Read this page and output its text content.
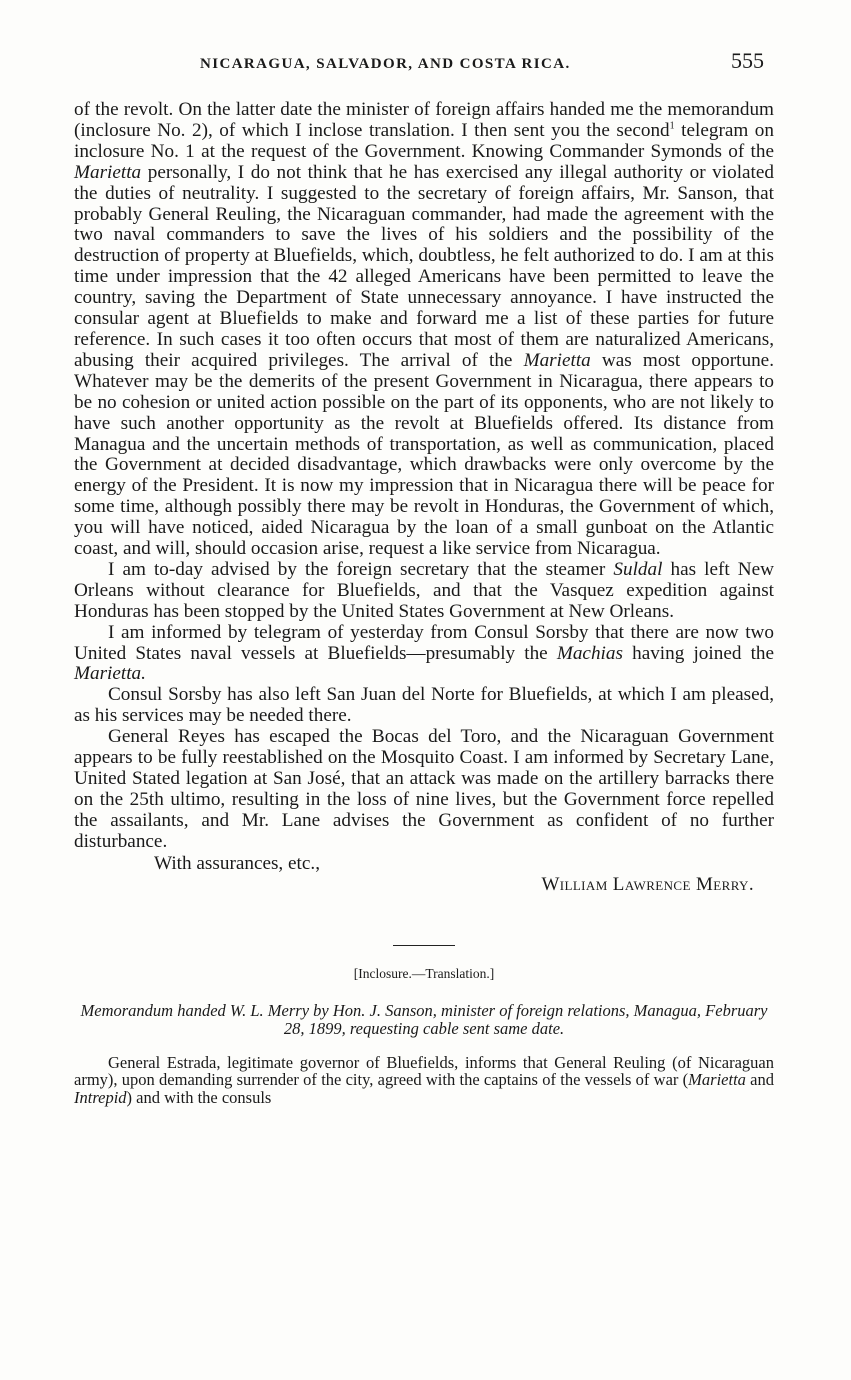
NICARAGUA, SALVADOR, AND COSTA RICA.	555

of the revolt. On the latter date the minister of foreign affairs handed me the memorandum (inclosure No. 2), of which I inclose translation. I then sent you the second$^1$ telegram on inclosure No. 1 at the request of the Government. Knowing Commander Symonds of the Marietta personally, I do not think that he has exercised any illegal authority or violated the duties of neutrality. I suggested to the secretary of foreign affairs, Mr. Sanson, that probably General Reuling, the Nicaraguan commander, had made the agreement with the two naval commanders to save the lives of his soldiers and the possibility of the destruction of property at Bluefields, which, doubtless, he felt authorized to do. I am at this time under impression that the 42 alleged Americans have been permitted to leave the country, saving the Department of State unnecessary annoyance. I have instructed the consular agent at Bluefields to make and forward me a list of these parties for future reference. In such cases it too often occurs that most of them are naturalized Americans, abusing their acquired privileges. The arrival of the Marietta was most opportune. Whatever may be the demerits of the present Government in Nicaragua, there appears to be no cohesion or united action possible on the part of its opponents, who are not likely to have such another opportunity as the revolt at Bluefields offered. Its distance from Managua and the uncertain methods of transportation, as well as communication, placed the Government at decided disadvantage, which drawbacks were only overcome by the energy of the President. It is now my impression that in Nicaragua there will be peace for some time, although possibly there may be revolt in Honduras, the Government of which, you will have noticed, aided Nicaragua by the loan of a small gunboat on the Atlantic coast, and will, should occasion arise, request a like service from Nicaragua.

I am to-day advised by the foreign secretary that the steamer Suldal has left New Orleans without clearance for Bluefields, and that the Vasquez expedition against Honduras has been stopped by the United States Government at New Orleans.

I am informed by telegram of yesterday from Consul Sorsby that there are now two United States naval vessels at Bluefields—presumably the Machias having joined the Marietta.

Consul Sorsby has also left San Juan del Norte for Bluefields, at which I am pleased, as his services may be needed there.

General Reyes has escaped the Bocas del Toro, and the Nicaraguan Government appears to be fully reestablished on the Mosquito Coast. I am informed by Secretary Lane, United Stated legation at San José, that an attack was made on the artillery barracks there on the 25th ultimo, resulting in the loss of nine lives, but the Government force repelled the assailants, and Mr. Lane advises the Government as confident of no further disturbance.

With assurances, etc.,

William Lawrence Merry.

[Inclosure.—Translation.]
Memorandum handed W. L. Merry by Hon. J. Sanson, minister of foreign relations, Managua, February 28, 1899, requesting cable sent same date.

General Estrada, legitimate governor of Bluefields, informs that General Reuling (of Nicaraguan army), upon demanding surrender of the city, agreed with the captains of the vessels of war (Marietta and Intrepid) and with the consuls
